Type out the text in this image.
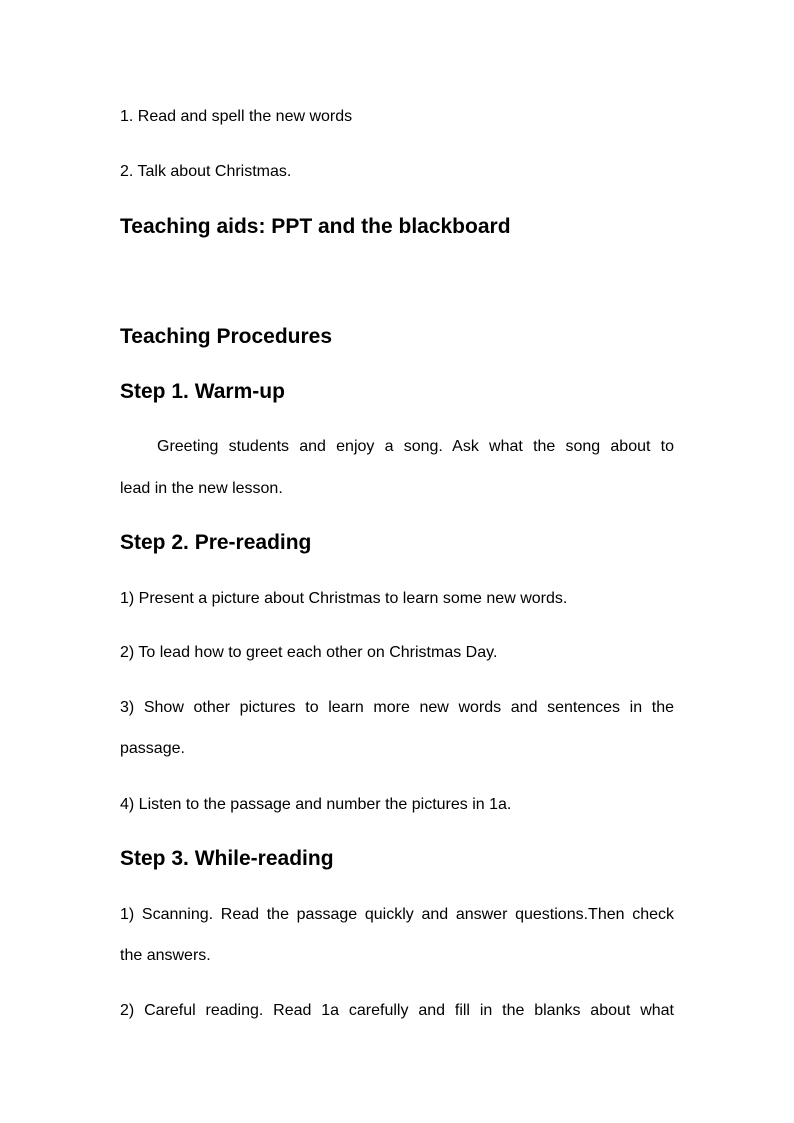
1. Read and spell the new words
2. Talk about Christmas.
Teaching aids: PPT and the blackboard
Teaching Procedures
Step 1. Warm-up
Greeting students and enjoy a song. Ask what the song about to
lead in the new lesson.
Step 2. Pre-reading
1) Present a picture about Christmas to learn some new words.
2) To lead how to greet each other on Christmas Day.
3) Show other pictures to learn more new words and sentences in the
passage.
4) Listen to the passage and number the pictures in 1a.
Step 3. While-reading
1) Scanning. Read the passage quickly and answer questions.Then check
the answers.
2) Careful reading. Read 1a carefully and fill in the blanks about what
